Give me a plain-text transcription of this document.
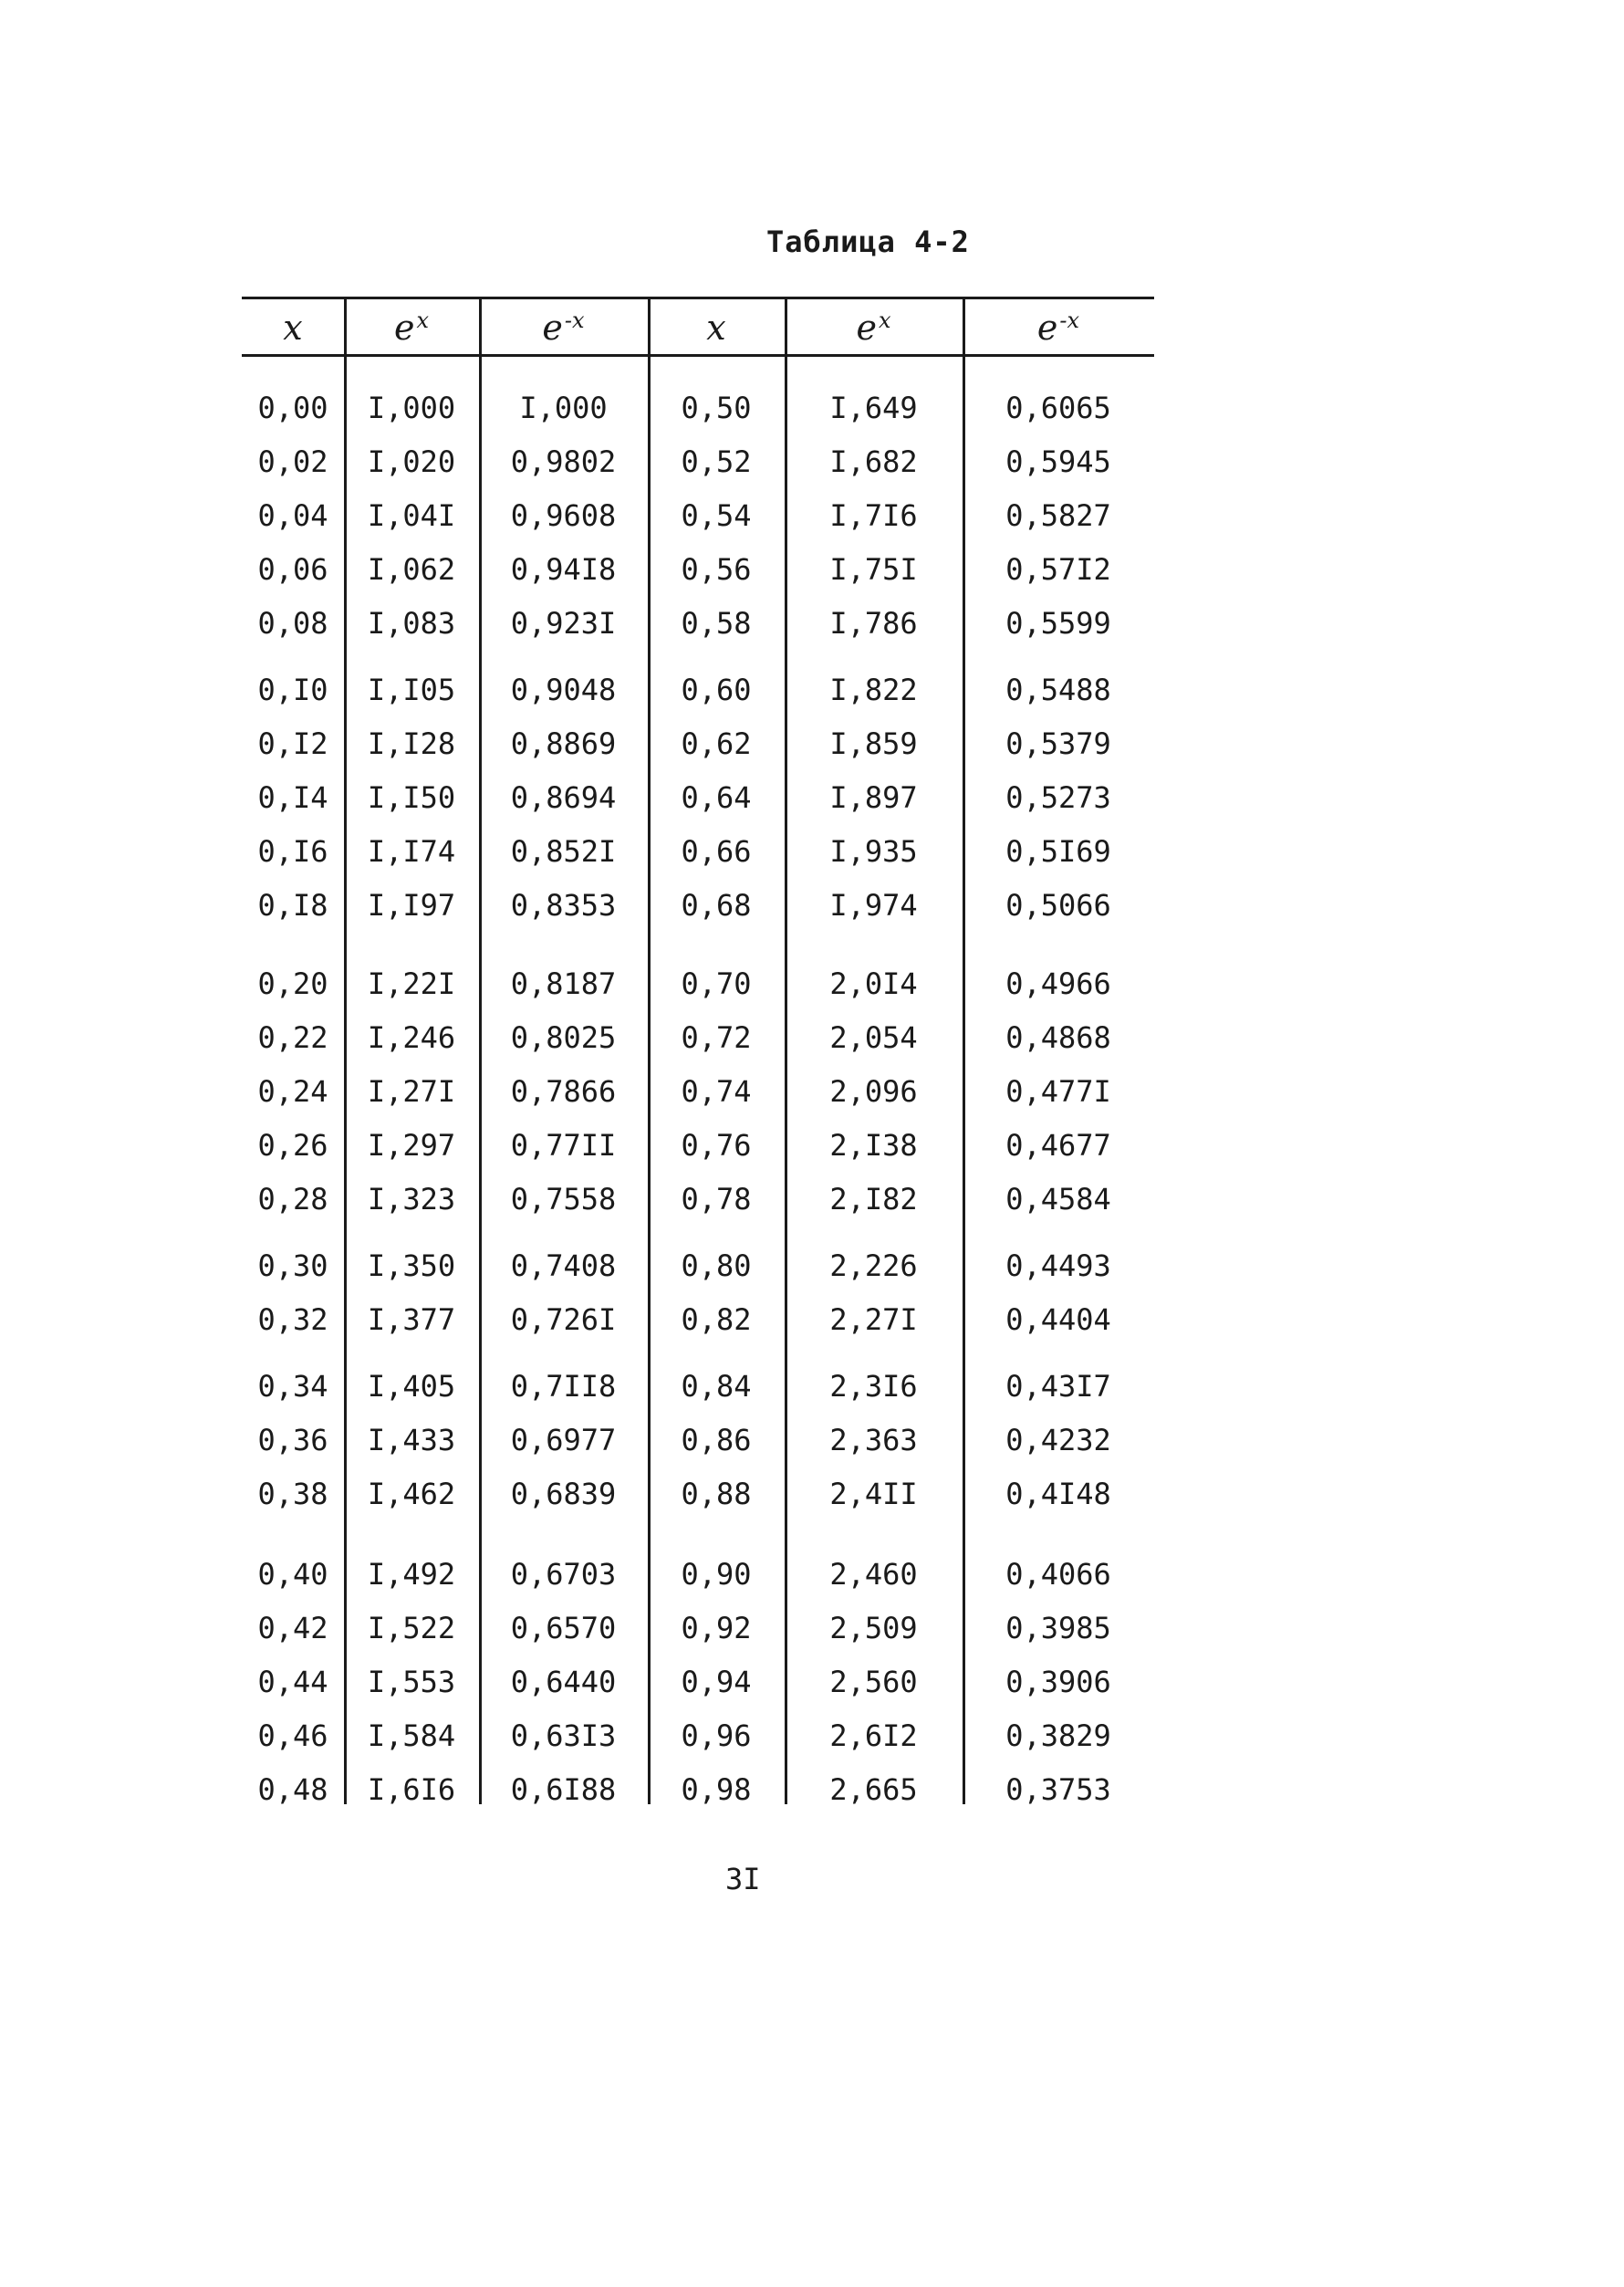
Таблица 4-2
x	$e^x$	$e^{-x}$	x	$e^x$	$e^{-x}$
0,00	I,000	I,000	0,50	I,649	0,6065
0,02	I,020	0,9802	0,52	I,682	0,5945
0,04	I,04I	0,9608	0,54	I,7I6	0,5827
0,06	I,062	0,94I8	0,56	I,75I	0,57I2
0,08	I,083	0,923I	0,58	I,786	0,5599
0,I0	I,I05	0,9048	0,60	I,822	0,5488
0,I2	I,I28	0,8869	0,62	I,859	0,5379
0,I4	I,I50	0,8694	0,64	I,897	0,5273
0,I6	I,I74	0,852I	0,66	I,935	0,5I69
0,I8	I,I97	0,8353	0,68	I,974	0,5066
0,20	I,22I	0,8187	0,70	2,0I4	0,4966
0,22	I,246	0,8025	0,72	2,054	0,4868
0,24	I,27I	0,7866	0,74	2,096	0,477I
0,26	I,297	0,77II	0,76	2,I38	0,4677
0,28	I,323	0,7558	0,78	2,I82	0,4584
0,30	I,350	0,7408	0,80	2,226	0,4493
0,32	I,377	0,726I	0,82	2,27I	0,4404
0,34	I,405	0,7II8	0,84	2,3I6	0,43I7
0,36	I,433	0,6977	0,86	2,363	0,4232
0,38	I,462	0,6839	0,88	2,4II	0,4I48
0,40	I,492	0,6703	0,90	2,460	0,4066
0,42	I,522	0,6570	0,92	2,509	0,3985
0,44	I,553	0,6440	0,94	2,560	0,3906
0,46	I,584	0,63I3	0,96	2,6I2	0,3829
0,48	I,6I6	0,6I88	0,98	2,665	0,3753
3I
